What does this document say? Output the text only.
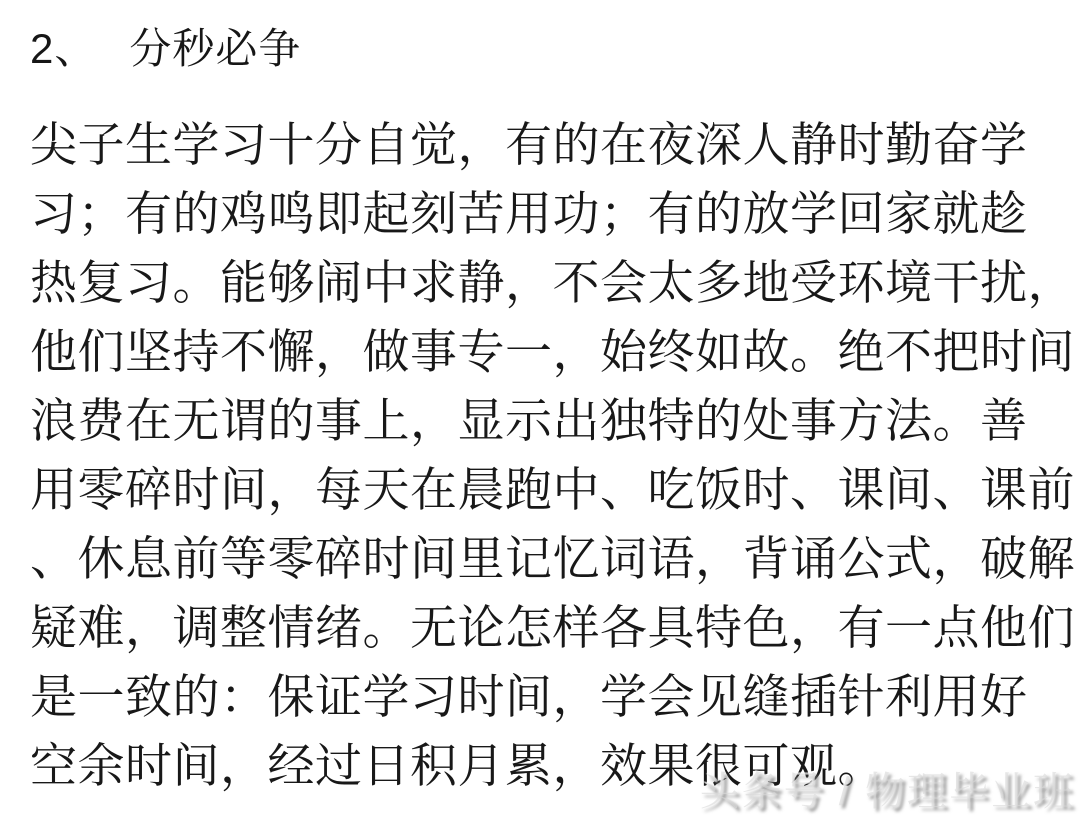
2、 分秒必争
尖子生学习十分自觉，有的在夜深人静时勤奋学
习；有的鸡鸣即起刻苦用功；有的放学回家就趁
热复习。能够闹中求静，不会太多地受环境干扰，
他们坚持不懈，做事专一，始终如故。绝不把时间
浪费在无谓的事上，显示出独特的处事方法。善
用零碎时间，每天在晨跑中、吃饭时、课间、课前
、休息前等零碎时间里记忆词语，背诵公式，破解
疑难，调整情绪。无论怎样各具特色，有一点他们
是一致的：保证学习时间，学会见缝插针利用好
空余时间，经过日积月累，效果很可观。
头条号 / 物理毕业班
